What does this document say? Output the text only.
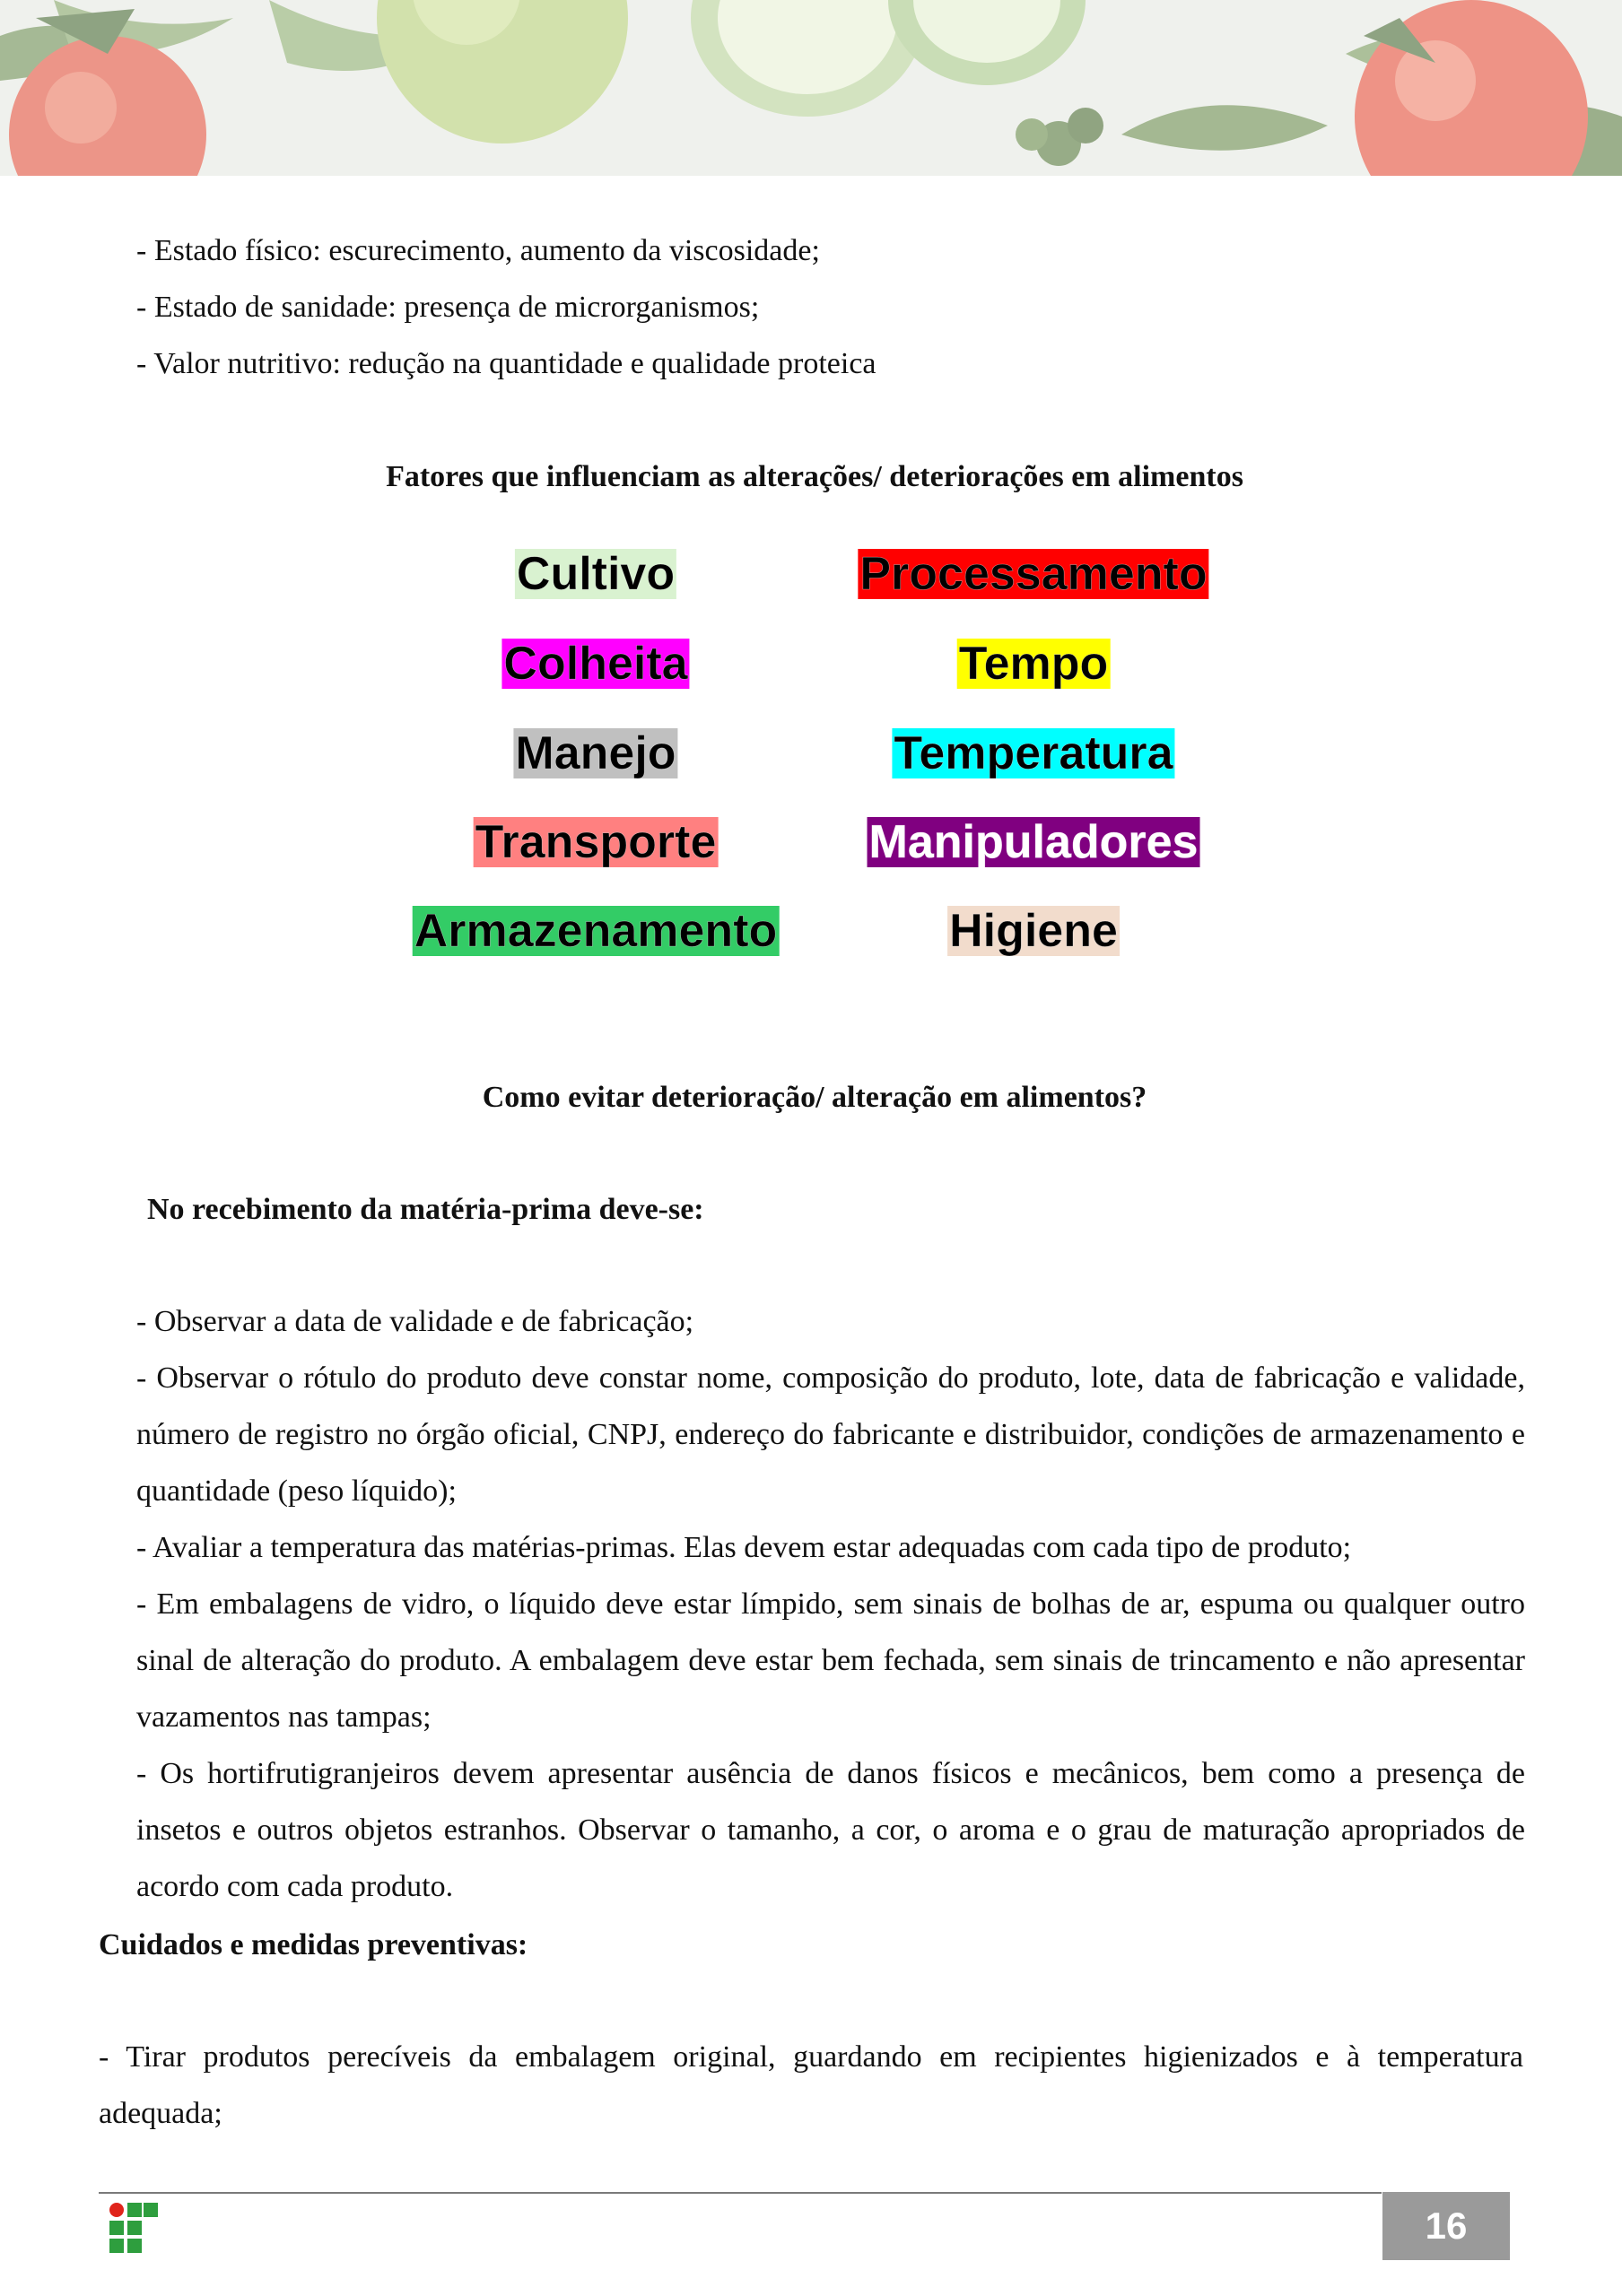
- Estado físico: escurecimento, aumento da viscosidade;

- Estado de sanidade: presença de microrganismos;

- Valor nutritivo: redução na quantidade e qualidade proteica

Fatores que influenciam as alterações/ deteriorações em alimentos

Cultivo	Processamento
Colheita	Tempo
Manejo	Temperatura
Transporte	Manipuladores
Armazenamento	Higiene

Como evitar deterioração/ alteração em alimentos?

No recebimento da matéria-prima deve-se:

- Observar a data de validade e de fabricação;

- Observar o rótulo do produto deve constar nome, composição do produto, lote, data de fabricação e validade, número de registro no órgão oficial, CNPJ, endereço do fabricante e distribuidor, condições de armazenamento e quantidade (peso líquido);

- Avaliar a temperatura das matérias-primas. Elas devem estar adequadas com cada tipo de produto;

- Em embalagens de vidro, o líquido deve estar límpido, sem sinais de bolhas de ar, espuma ou qualquer outro sinal de alteração do produto. A embalagem deve estar bem fechada, sem sinais de trincamento e não apresentar vazamentos nas tampas;

- Os hortifrutigranjeiros devem apresentar ausência de danos físicos e mecânicos, bem como a presença de insetos e outros objetos estranhos. Observar o tamanho, a cor, o aroma e o grau de maturação apropriados de acordo com cada produto.

Cuidados e medidas preventivas:

- Tirar produtos perecíveis da embalagem original, guardando em recipientes higienizados e à temperatura adequada;

16
